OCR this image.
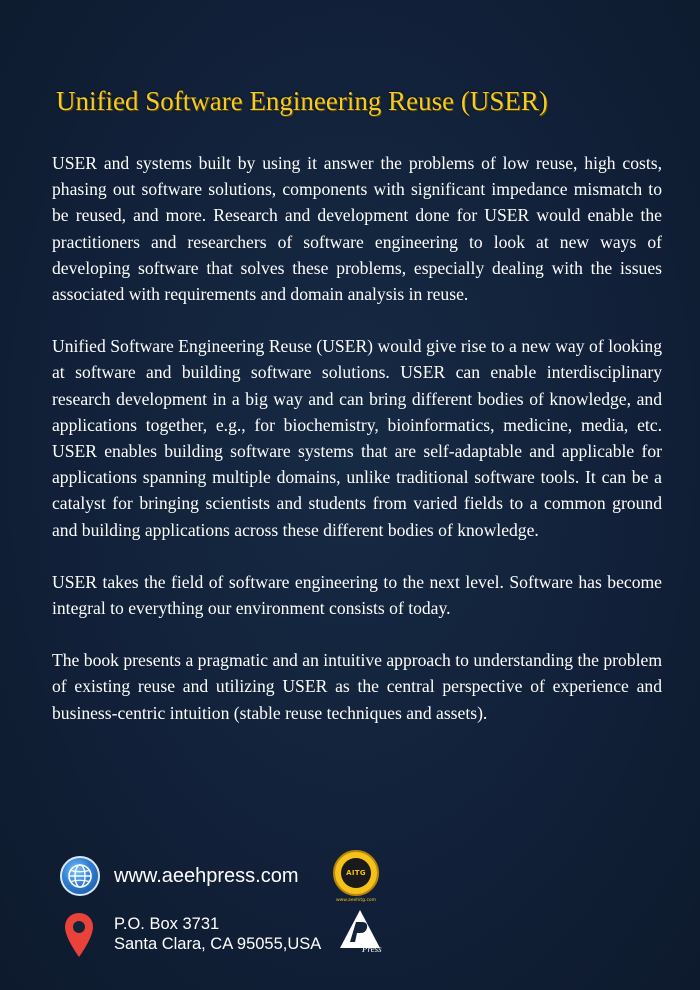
Unified Software Engineering Reuse (USER)

USER and systems built by using it answer the problems of low reuse, high costs, phasing out software solutions, components with significant impedance mismatch to be reused, and more. Research and development done for USER would enable the practitioners and researchers of software engineering to look at new ways of developing software that solves these problems, especially dealing with the issues associated with requirements and domain analysis in reuse.

Unified Software Engineering Reuse (USER) would give rise to a new way of looking at software and building software solutions. USER can enable interdisciplinary research development in a big way and can bring different bodies of knowledge, and applications together, e.g., for biochemistry, bioinformatics, medicine, media, etc. USER enables building software systems that are self-adaptable and applicable for applications spanning multiple domains, unlike traditional software tools. It can be a catalyst for bringing scientists and students from varied fields to a common ground and building applications across these different bodies of knowledge.

USER takes the field of software engineering to the next level. Software has become integral to everything our environment consists of today.

The book presents a pragmatic and an intuitive approach to understanding the problem of existing reuse and utilizing USER as the central perspective of experience and business-centric intuition (stable reuse techniques and assets).

www.aeehpress.com
P.O. Box 3731
Santa Clara, CA 95055,USA
AITG
www.aeehitg.com
Press
